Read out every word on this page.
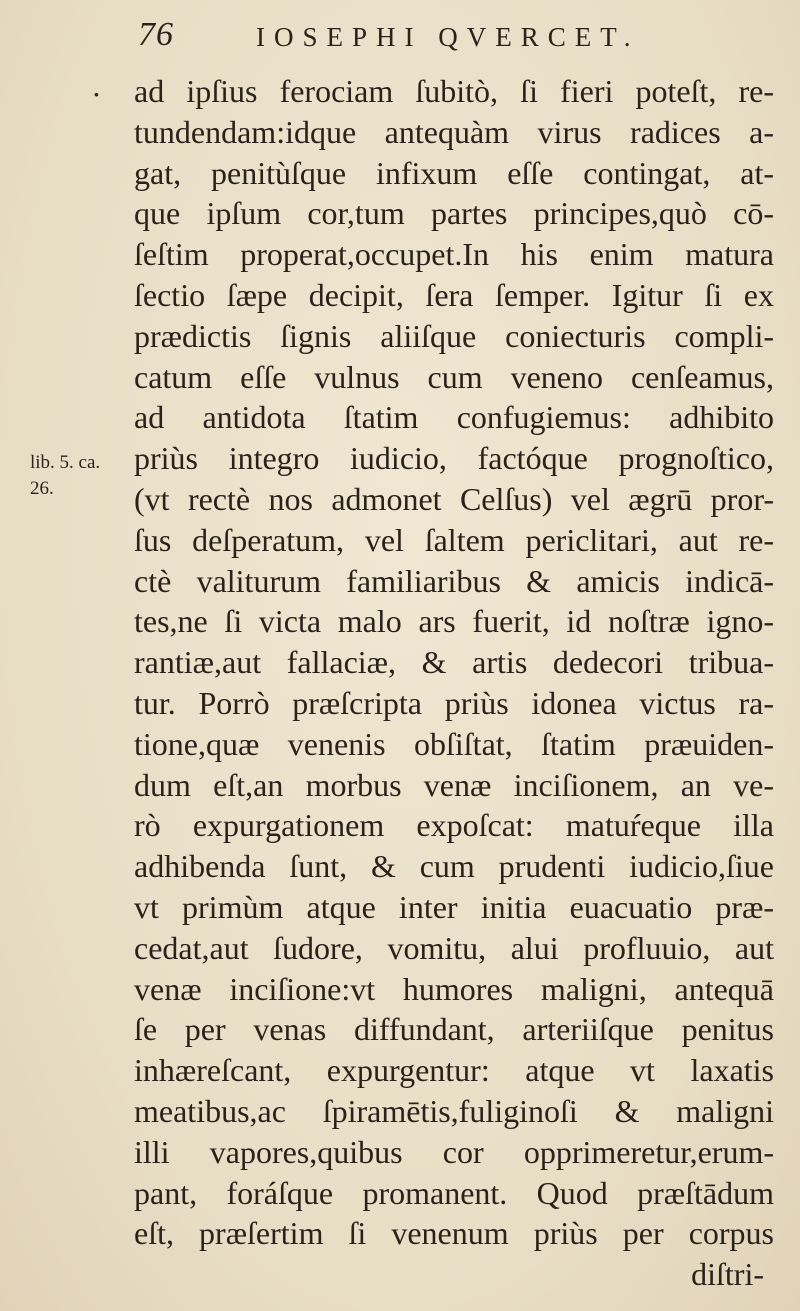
76	IOSEPHI QVERCET.
.
lib. 5. ca.
26.
ad ipſius ferociam ſubitò, ſi fieri poteſt, re-
tundendam:idque antequàm virus radices a-
gat, penitùſque infixum eſſe contingat, at-
que ipſum cor,tum partes principes,quò cō-
ſeſtim properat,occupet.In his enim matura
ſectio ſæpe decipit, ſera ſemper. Igitur ſi ex
prædictis ſignis aliiſque coniecturis compli-
catum eſſe vulnus cum veneno cenſeamus,
ad antidota ſtatim confugiemus: adhibito
priùs integro iudicio, factóque prognoſtico,
(vt rectè nos admonet Celſus) vel ægrū pror-
ſus deſperatum, vel ſaltem periclitari, aut re-
ctè valiturum familiaribus & amicis indicā-
tes,ne ſi victa malo ars fuerit, id noſtræ igno-
rantiæ,aut fallaciæ, & artis dedecori tribua-
tur. Porrò præſcripta priùs idonea victus ra-
tione,quæ venenis obſiſtat, ſtatim præuiden-
dum eſt,an morbus venæ inciſionem, an ve-
rò expurgationem expoſcat: matuŕeque illa
adhibenda ſunt, & cum prudenti iudicio,ſiue
vt primùm atque inter initia euacuatio præ-
cedat,aut ſudore, vomitu, alui profluuio, aut
venæ inciſione:vt humores maligni, antequā
ſe per venas diffundant, arteriiſque penitus
inhæreſcant, expurgentur: atque vt laxatis
meatibus,ac ſpiramētis,fuliginoſi & maligni
illi vapores,quibus cor opprimeretur,erum-
pant, foráſque promanent. Quod præſtādum
eſt, præſertim ſi venenum priùs per corpus
diſtri-
